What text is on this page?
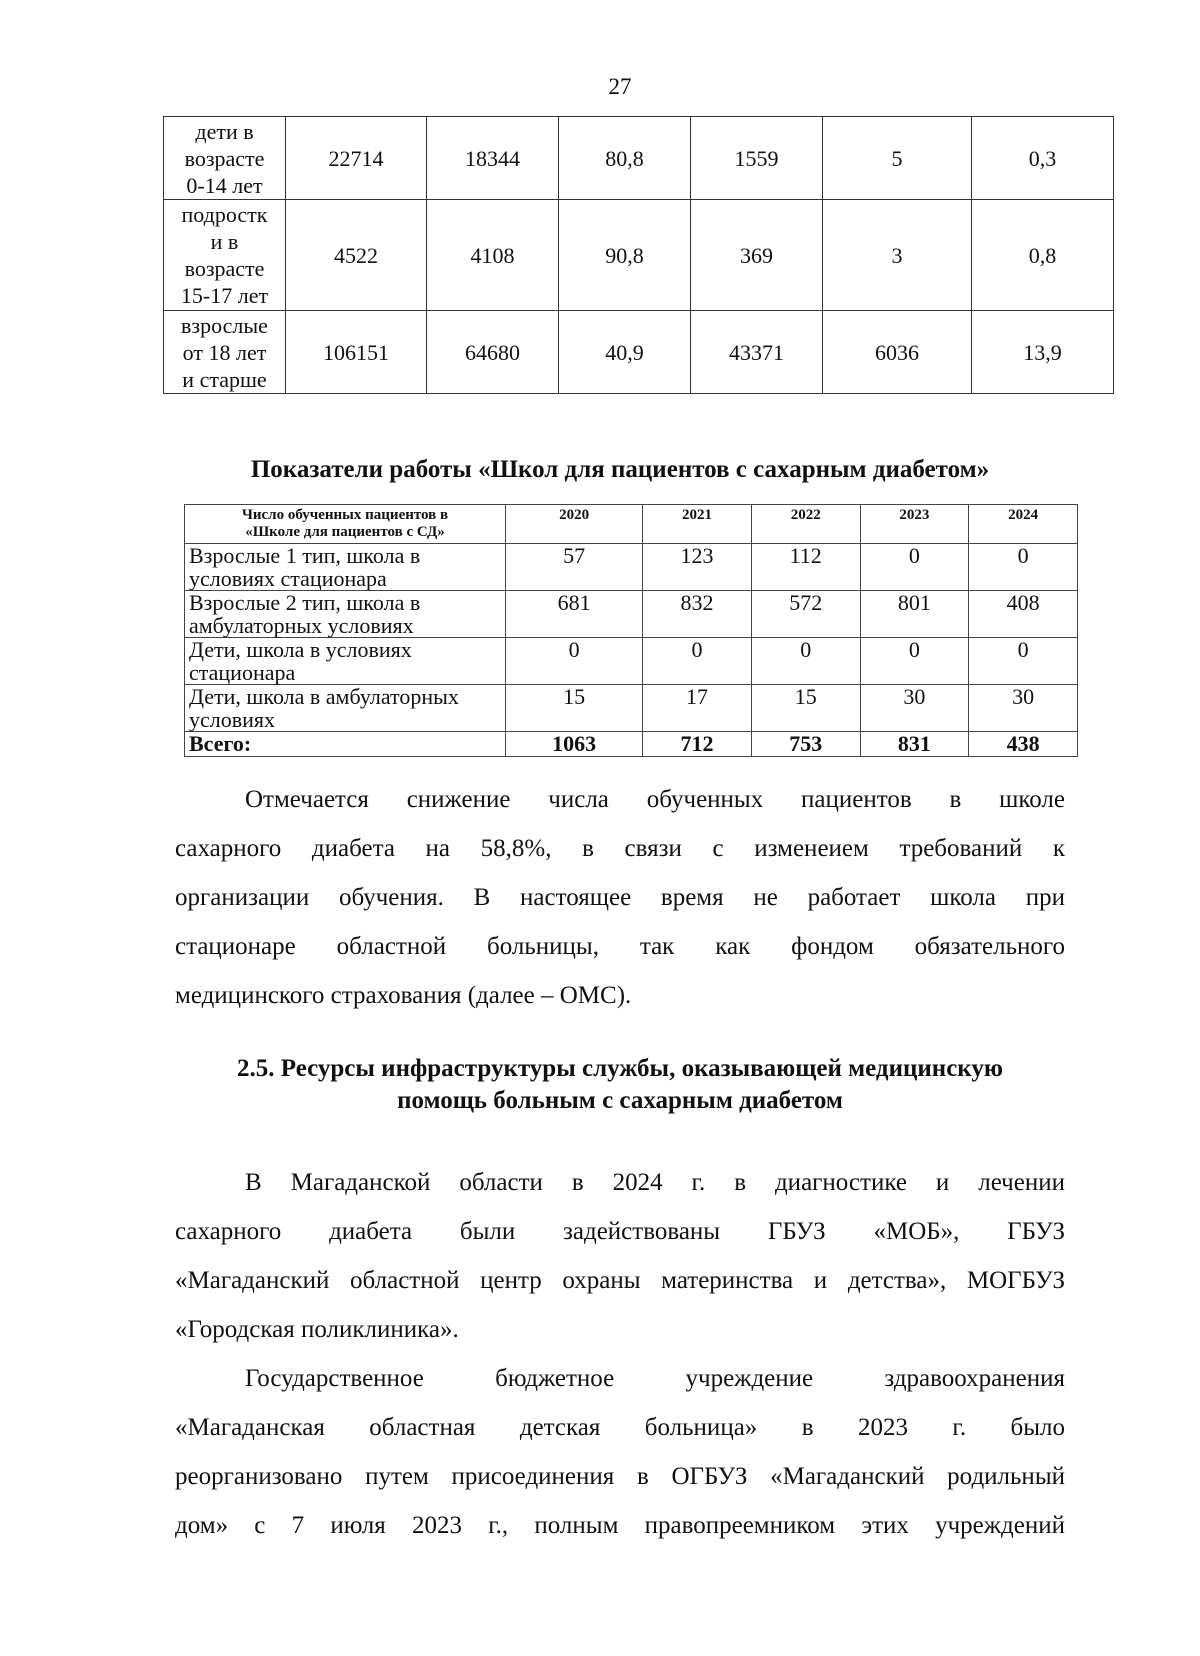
27
дети в
возрасте
0-14 лет	22714	18344	80,8	1559	5	0,3
подростк
и в
возрасте
15-17 лет	4522	4108	90,8	369	3	0,8
взрослые
от 18 лет
и старше	106151	64680	40,9	43371	6036	13,9
Показатели работы «Школ для пациентов с сахарным диабетом»
Число обученных пациентов в
«Школе для пациентов с СД»	2020	2021	2022	2023	2024
Взрослые 1 тип, школа в
условиях стационара	57	123	112	0	0
Взрослые 2 тип, школа в
амбулаторных условиях	681	832	572	801	408
Дети, школа в условиях
стационара	0	0	0	0	0
Дети, школа в амбулаторных
условиях	15	17	15	30	30
Всего:	1063	712	753	831	438
Отмечается снижение числа обученных пациентов в школе
сахарного диабета на 58,8%, в связи с изменеием требований к
организации обучения. В настоящее время не работает школа при
стационаре областной больницы, так как фондом обязательного
медицинского страхования (далее – ОМС).
2.5. Ресурсы инфраструктуры службы, оказывающей медицинскую
помощь больным с сахарным диабетом
В Магаданской области в 2024 г. в диагностике и лечении
сахарного диабета были задействованы ГБУЗ «МОБ», ГБУЗ
«Магаданский областной центр охраны материнства и детства», МОГБУЗ
«Городская поликлиника».
Государственное бюджетное учреждение здравоохранения
«Магаданская областная детская больница» в 2023 г. было
реорганизовано путем присоединения в ОГБУЗ «Магаданский родильный
дом» с 7 июля 2023 г., полным правопреемником этих учреждений
